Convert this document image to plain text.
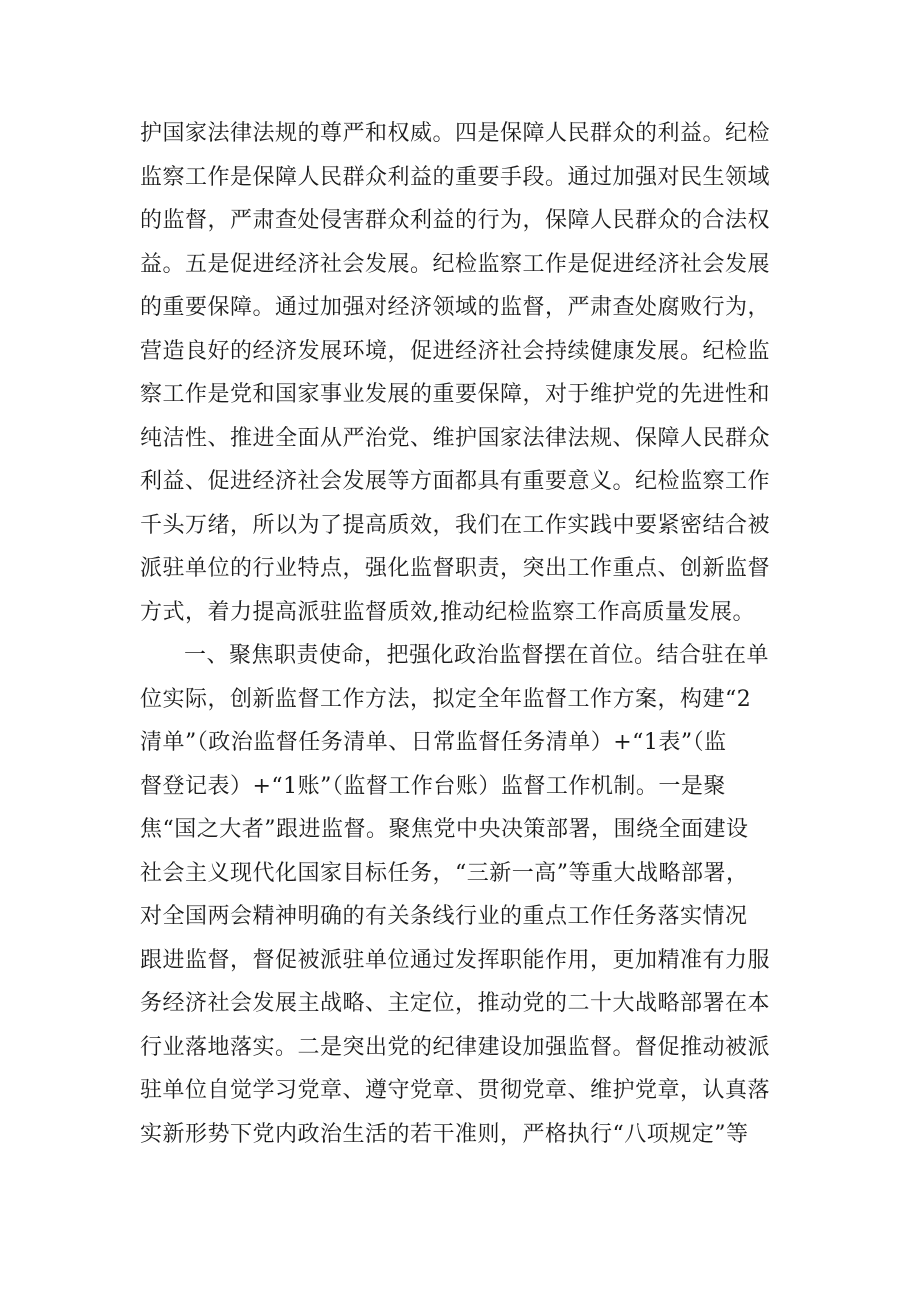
护国家法律法规的尊严和权威。四是保障人民群众的利益。纪检
监察工作是保障人民群众利益的重要手段。通过加强对民生领域
的监督，严肃查处侵害群众利益的行为，保障人民群众的合法权
益。五是促进经济社会发展。纪检监察工作是促进经济社会发展
的重要保障。通过加强对经济领域的监督，严肃查处腐败行为，
营造良好的经济发展环境，促进经济社会持续健康发展。纪检监
察工作是党和国家事业发展的重要保障，对于维护党的先进性和
纯洁性、推进全面从严治党、维护国家法律法规、保障人民群众
利益、促进经济社会发展等方面都具有重要意义。纪检监察工作
千头万绪，所以为了提高质效，我们在工作实践中要紧密结合被
派驻单位的行业特点，强化监督职责，突出工作重点、创新监督
方式，着力提高派驻监督质效,推动纪检监察工作高质量发展。
一、聚焦职责使命，把强化政治监督摆在首位。结合驻在单
位实际，创新监督工作方法，拟定全年监督工作方案，构建“2
清单”（政治监督任务清单、日常监督任务清单）+“1表”（监
督登记表）+“1账”（监督工作台账）监督工作机制。一是聚
焦“国之大者”跟进监督。聚焦党中央决策部署，围绕全面建设
社会主义现代化国家目标任务，“三新一高”等重大战略部署，
对全国两会精神明确的有关条线行业的重点工作任务落实情况
跟进监督，督促被派驻单位通过发挥职能作用，更加精准有力服
务经济社会发展主战略、主定位，推动党的二十大战略部署在本
行业落地落实。二是突出党的纪律建设加强监督。督促推动被派
驻单位自觉学习党章、遵守党章、贯彻党章、维护党章，认真落
实新形势下党内政治生活的若干准则，严格执行“八项规定”等
